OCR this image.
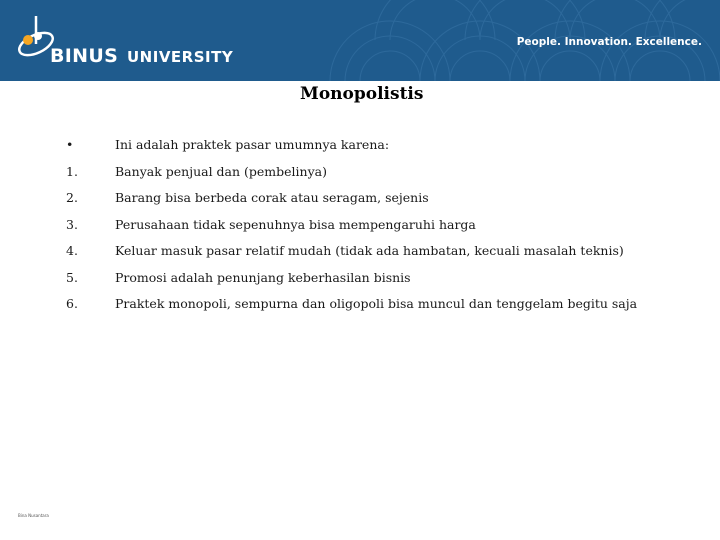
BINUS UNIVERSITY
People. Innovation. Excellence.
Monopolistis
•	Ini adalah praktek pasar umumnya karena:
1.	Banyak penjual dan (pembelinya)
2.	Barang bisa berbeda corak atau seragam, sejenis
3.	Perusahaan tidak sepenuhnya bisa mempengaruhi harga
4.	Keluar masuk pasar relatif mudah (tidak ada hambatan, kecuali masalah teknis)
5.	Promosi adalah penunjang keberhasilan bisnis
6.	Praktek monopoli, sempurna dan oligopoli bisa muncul dan tenggelam begitu saja
Bina Nusantara
